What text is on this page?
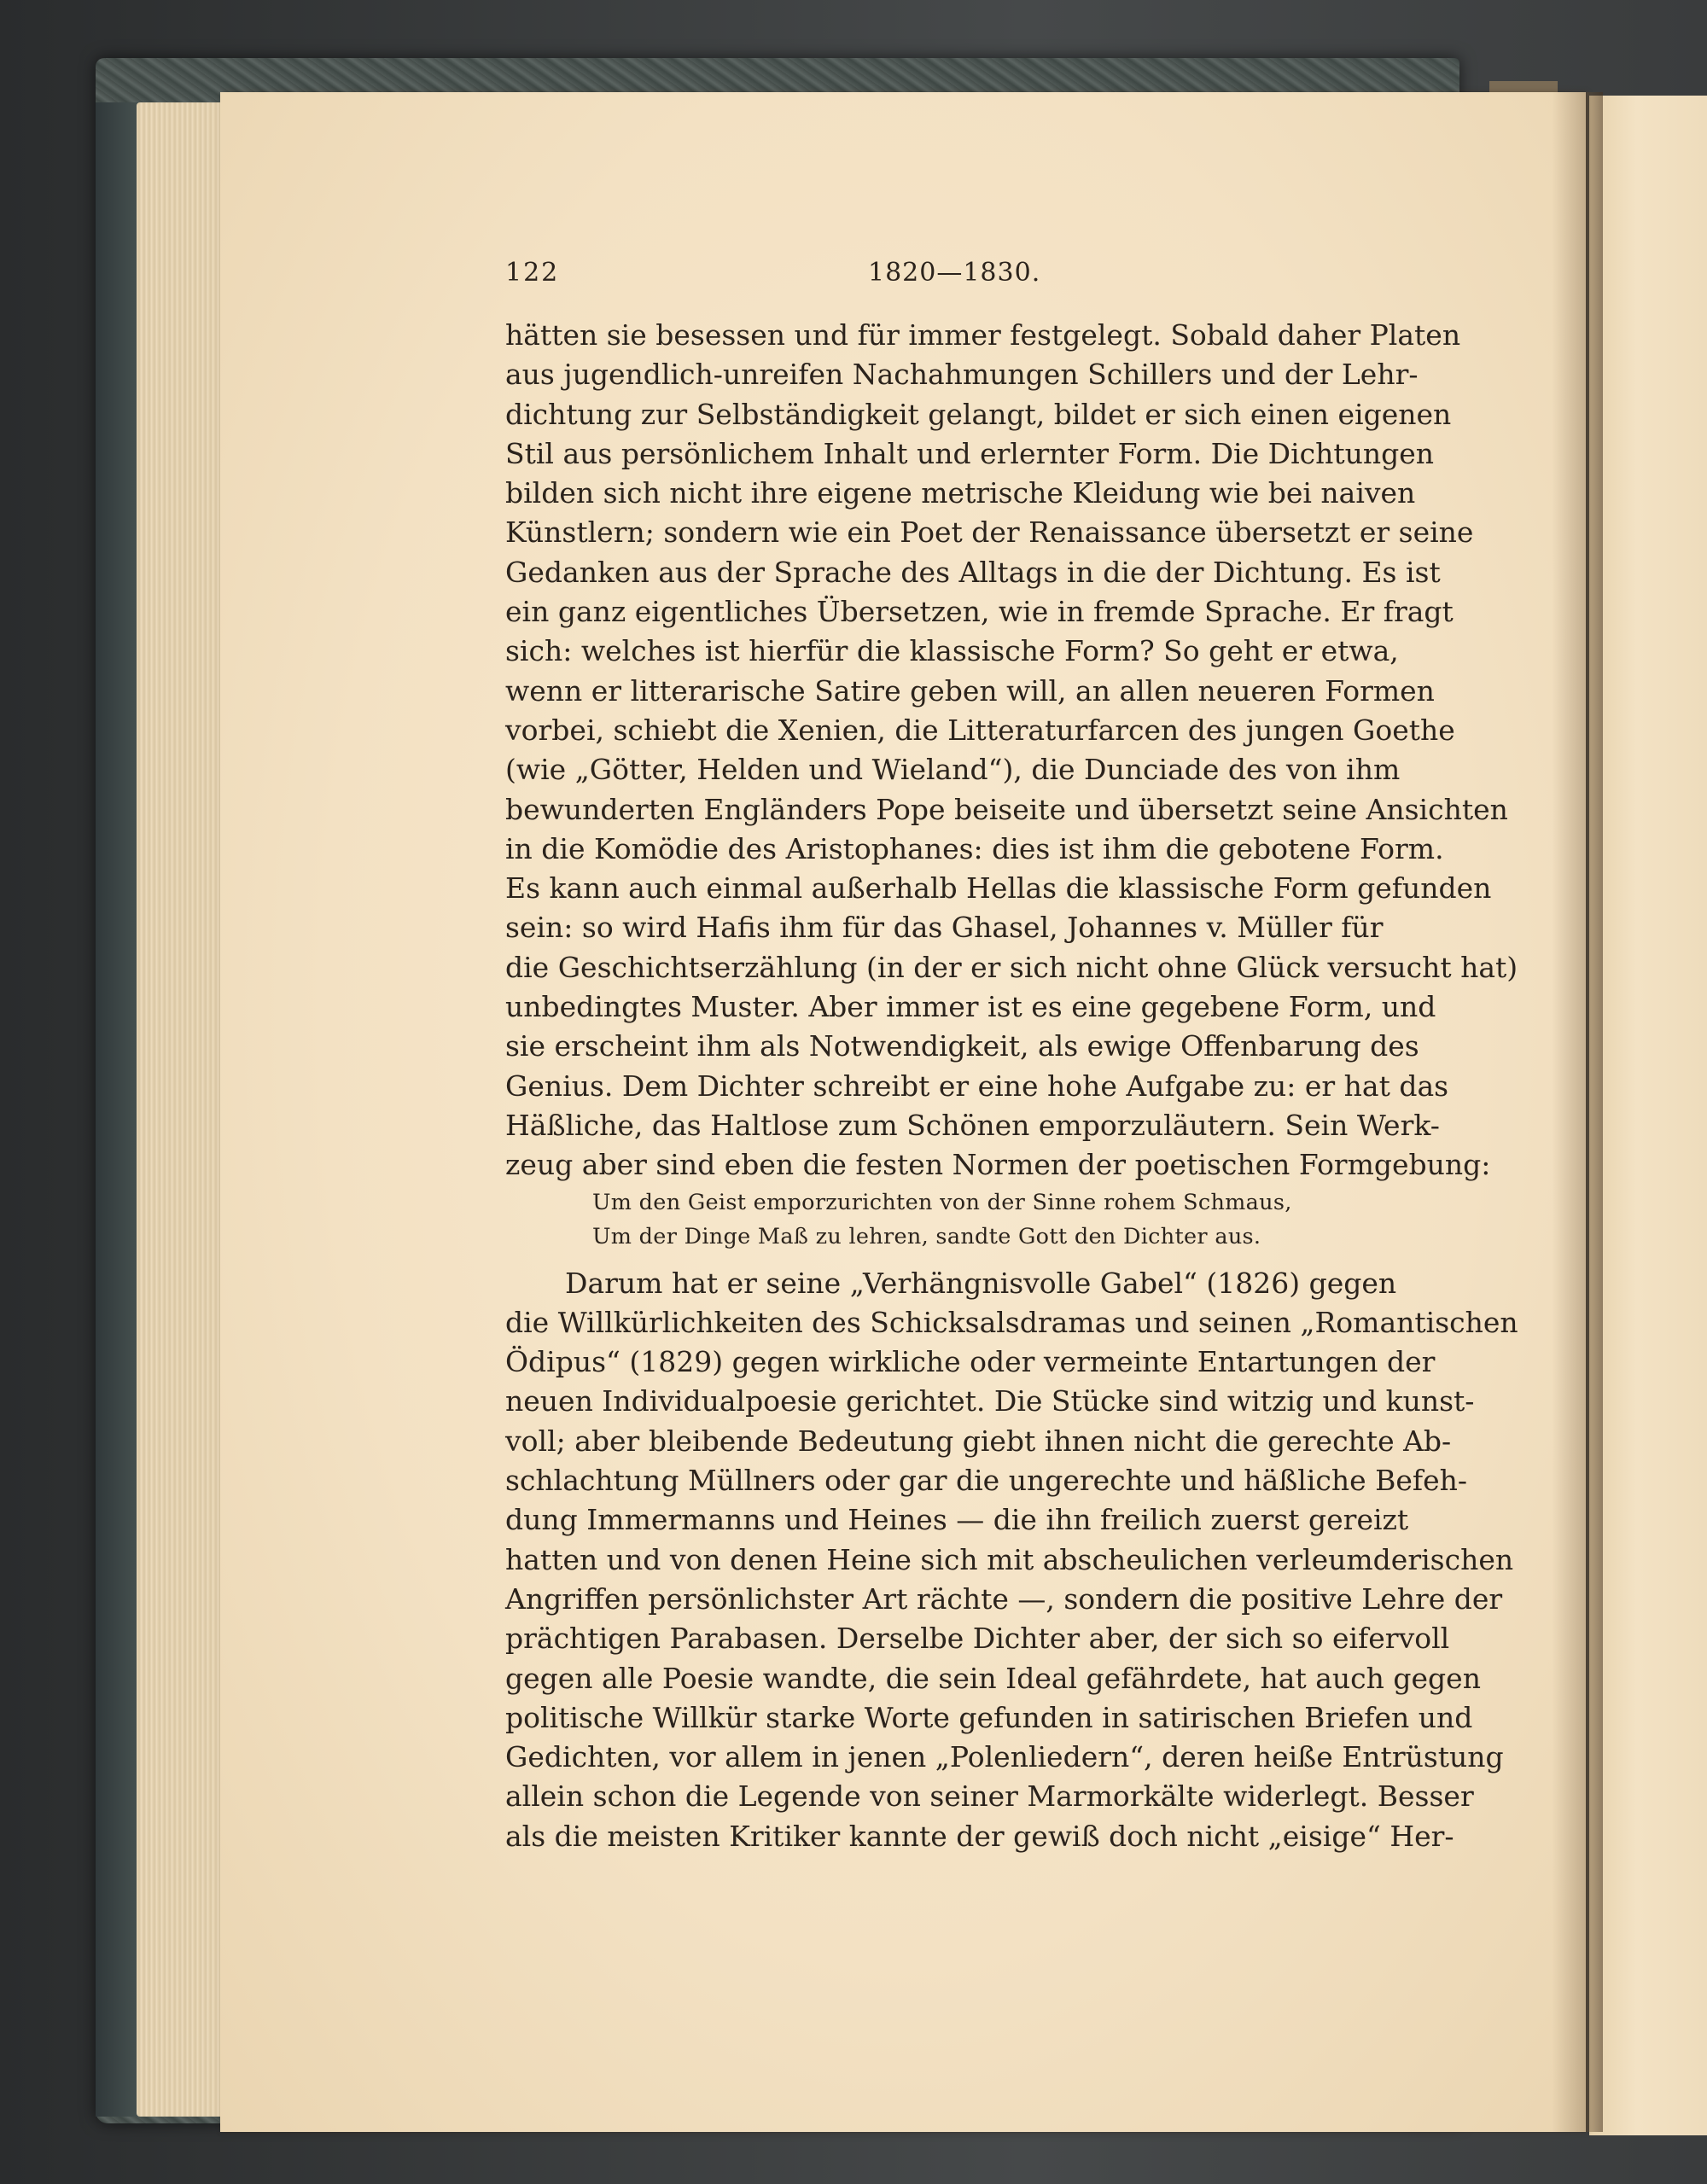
122	1820—1830.
hätten sie besessen und für immer festgelegt. Sobald daher Platen
aus jugendlich-unreifen Nachahmungen Schillers und der Lehr-
dichtung zur Selbständigkeit gelangt, bildet er sich einen eigenen
Stil aus persönlichem Inhalt und erlernter Form. Die Dichtungen
bilden sich nicht ihre eigene metrische Kleidung wie bei naiven
Künstlern; sondern wie ein Poet der Renaissance übersetzt er seine
Gedanken aus der Sprache des Alltags in die der Dichtung. Es ist
ein ganz eigentliches Übersetzen, wie in fremde Sprache. Er fragt
sich: welches ist hierfür die klassische Form? So geht er etwa,
wenn er litterarische Satire geben will, an allen neueren Formen
vorbei, schiebt die Xenien, die Litteraturfarcen des jungen Goethe
(wie „Götter, Helden und Wieland“), die Dunciade des von ihm
bewunderten Engländers Pope beiseite und übersetzt seine Ansichten
in die Komödie des Aristophanes: dies ist ihm die gebotene Form.
Es kann auch einmal außerhalb Hellas die klassische Form gefunden
sein: so wird Hafis ihm für das Ghasel, Johannes v. Müller für
die Geschichtserzählung (in der er sich nicht ohne Glück versucht hat)
unbedingtes Muster. Aber immer ist es eine gegebene Form, und
sie erscheint ihm als Notwendigkeit, als ewige Offenbarung des
Genius. Dem Dichter schreibt er eine hohe Aufgabe zu: er hat das
Häßliche, das Haltlose zum Schönen emporzuläutern. Sein Werk-
zeug aber sind eben die festen Normen der poetischen Formgebung:
Um den Geist emporzurichten von der Sinne rohem Schmaus,
Um der Dinge Maß zu lehren, sandte Gott den Dichter aus.
Darum hat er seine „Verhängnisvolle Gabel“ (1826) gegen
die Willkürlichkeiten des Schicksalsdramas und seinen „Romantischen
Ödipus“ (1829) gegen wirkliche oder vermeinte Entartungen der
neuen Individualpoesie gerichtet. Die Stücke sind witzig und kunst-
voll; aber bleibende Bedeutung giebt ihnen nicht die gerechte Ab-
schlachtung Müllners oder gar die ungerechte und häßliche Befeh-
dung Immermanns und Heines — die ihn freilich zuerst gereizt
hatten und von denen Heine sich mit abscheulichen verleumderischen
Angriffen persönlichster Art rächte —, sondern die positive Lehre der
prächtigen Parabasen. Derselbe Dichter aber, der sich so eifervoll
gegen alle Poesie wandte, die sein Ideal gefährdete, hat auch gegen
politische Willkür starke Worte gefunden in satirischen Briefen und
Gedichten, vor allem in jenen „Polenliedern“, deren heiße Entrüstung
allein schon die Legende von seiner Marmorkälte widerlegt. Besser
als die meisten Kritiker kannte der gewiß doch nicht „eisige“ Her-
